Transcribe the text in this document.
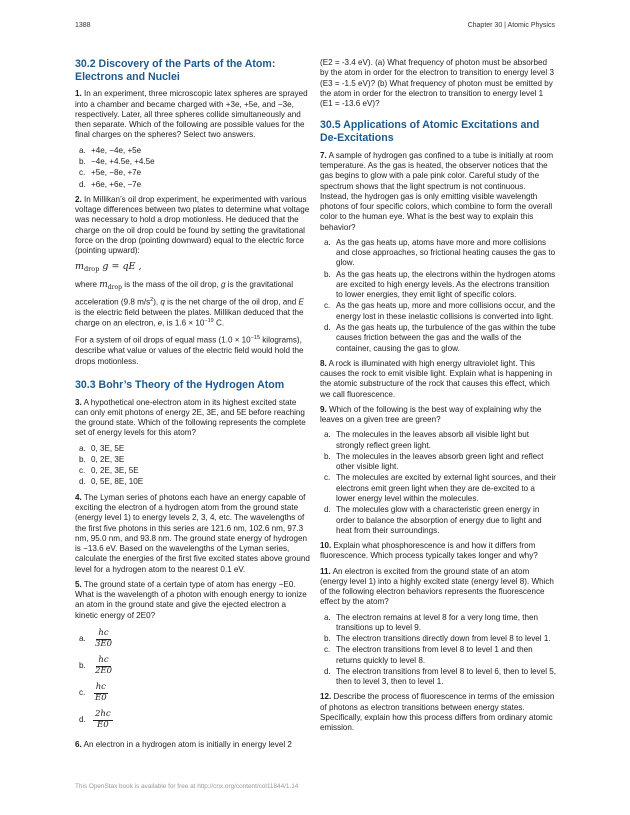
1388	Chapter 30 | Atomic Physics
30.2 Discovery of the Parts of the Atom: Electrons and Nuclei

1. In an experiment, three microscopic latex spheres are sprayed into a chamber and became charged with +3e, +5e, and −3e, respectively. Later, all three spheres collide simultaneously and then separate. Which of the following are possible values for the final charges on the spheres? Select two answers.

a. +4e, −4e, +5e
b. −4e, +4.5e, +4.5e
c. +5e, −8e, +7e
d. +6e, +6e, −7e

2. In Millikan’s oil drop experiment, he experimented with various voltage differences between two plates to determine what voltage was necessary to hold a drop motionless. He deduced that the charge on the oil drop could be found by setting the gravitational force on the drop (pointing downward) equal to the electric force (pointing upward):

$m_{drop}$ g = qE ,

where $m_{drop}$ is the mass of the oil drop, g is the gravitational

acceleration (9.8 $m/s^2$), q is the net charge of the oil drop, and E is the electric field between the plates. Millikan deduced that the charge on an electron, e, is $1.6 \times 10^{-19}$ C.

For a system of oil drops of equal mass ($1.0 \times 10^{-15}$ kilograms), describe what value or values of the electric field would hold the drops motionless.

30.3 Bohr’s Theory of the Hydrogen Atom

3. A hypothetical one-electron atom in its highest excited state can only emit photons of energy 2E, 3E, and 5E before reaching the ground state. Which of the following represents the complete set of energy levels for this atom?

a. 0, 3E, 5E
b. 0, 2E, 3E
c. 0, 2E, 3E, 5E
d. 0, 5E, 8E, 10E

4. The Lyman series of photons each have an energy capable of exciting the electron of a hydrogen atom from the ground state (energy level 1) to energy levels 2, 3, 4, etc. The wavelengths of the first five photons in this series are 121.6 nm, 102.6 nm, 97.3 nm, 95.0 nm, and 93.8 nm. The ground state energy of hydrogen is −13.6 eV. Based on the wavelengths of the Lyman series, calculate the energies of the first five excited states above ground level for a hydrogen atom to the nearest 0.1 eV.

5. The ground state of a certain type of atom has energy −E0. What is the wavelength of a photon with enough energy to ionize an atom in the ground state and give the ejected electron a kinetic energy of 2E0?

a. $\frac{hc}{3E0}$
b. $\frac{hc}{2E0}$
c. $\frac{hc}{E0}$
d. $\frac{2hc}{E0}$

6. An electron in a hydrogen atom is initially in energy level 2

(E2 = -3.4 eV). (a) What frequency of photon must be absorbed by the atom in order for the electron to transition to energy level 3 (E3 = -1.5 eV)? (b) What frequency of photon must be emitted by the atom in order for the electron to transition to energy level 1 (E1 = -13.6 eV)?

30.5 Applications of Atomic Excitations and De-Excitations

7. A sample of hydrogen gas confined to a tube is initially at room temperature. As the gas is heated, the observer notices that the gas begins to glow with a pale pink color. Careful study of the spectrum shows that the light spectrum is not continuous. Instead, the hydrogen gas is only emitting visible wavelength photons of four specific colors, which combine to form the overall color to the human eye. What is the best way to explain this behavior?

a. As the gas heats up, atoms have more and more collisions and close approaches, so frictional heating causes the gas to glow.
b. As the gas heats up, the electrons within the hydrogen atoms are excited to high energy levels. As the electrons transition to lower energies, they emit light of specific colors.
c. As the gas heats up, more and more collisions occur, and the energy lost in these inelastic collisions is converted into light.
d. As the gas heats up, the turbulence of the gas within the tube causes friction between the gas and the walls of the container, causing the gas to glow.

8. A rock is illuminated with high energy ultraviolet light. This causes the rock to emit visible light. Explain what is happening in the atomic substructure of the rock that causes this effect, which we call fluorescence.

9. Which of the following is the best way of explaining why the leaves on a given tree are green?

a. The molecules in the leaves absorb all visible light but strongly reflect green light.
b. The molecules in the leaves absorb green light and reflect other visible light.
c. The molecules are excited by external light sources, and their electrons emit green light when they are de-excited to a lower energy level within the molecules.
d. The molecules glow with a characteristic green energy in order to balance the absorption of energy due to light and heat from their surroundings.

10. Explain what phosphorescence is and how it differs from fluorescence. Which process typically takes longer and why?

11. An electron is excited from the ground state of an atom (energy level 1) into a highly excited state (energy level 8). Which of the following electron behaviors represents the fluorescence effect by the atom?

a. The electron remains at level 8 for a very long time, then transitions up to level 9.
b. The electron transitions directly down from level 8 to level 1.
c. The electron transitions from level 8 to level 1 and then returns quickly to level 8.
d. The electron transitions from level 8 to level 6, then to level 5, then to level 3, then to level 1.

12. Describe the process of fluorescence in terms of the emission of photons as electron transitions between energy states. Specifically, explain how this process differs from ordinary atomic emission.

This OpenStax book is available for free at http://cnx.org/content/col11844/1.14
